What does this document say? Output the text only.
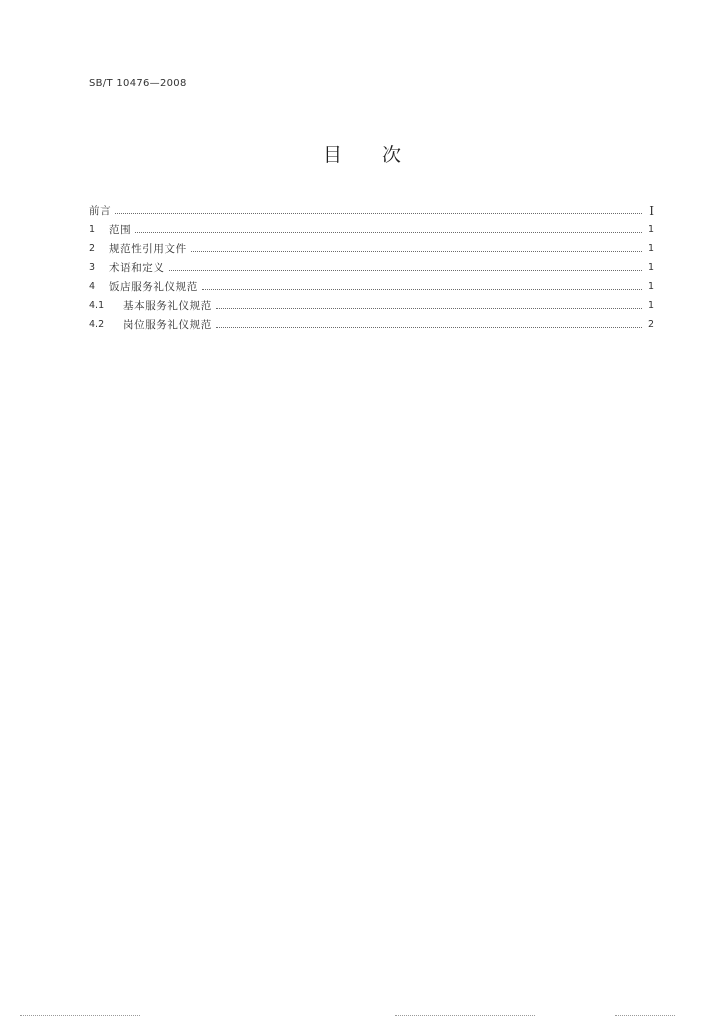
SB/T 10476—2008
目次
前言	Ⅰ
1	范围	1
2	规范性引用文件	1
3	术语和定义	1
4	饭店服务礼仪规范	1
4.1	基本服务礼仪规范	1
4.2	岗位服务礼仪规范	2
